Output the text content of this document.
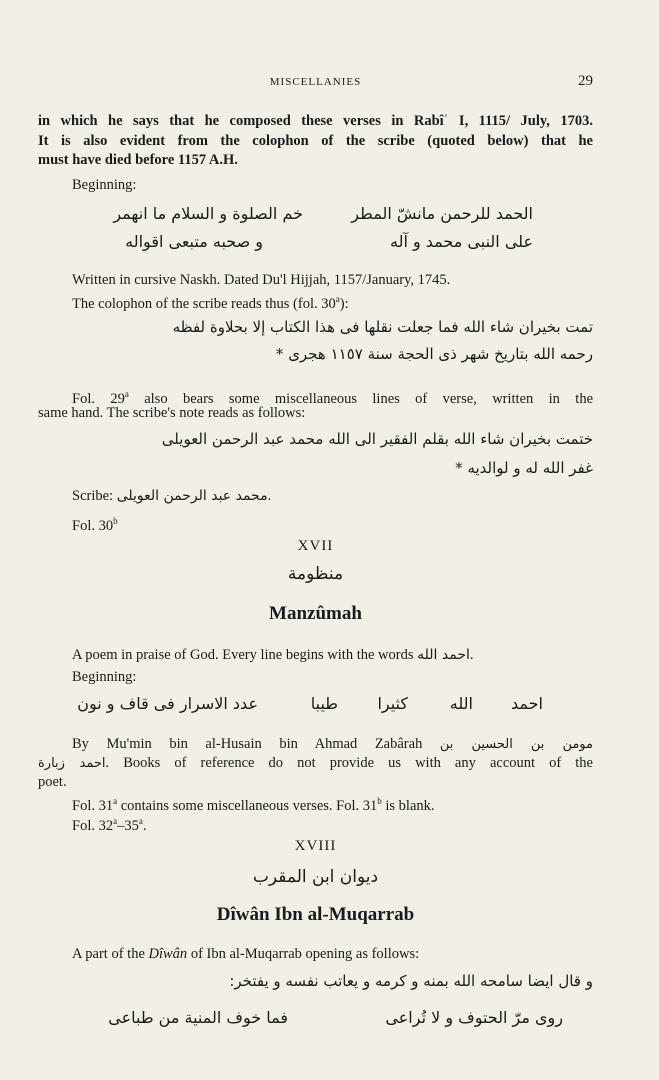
MISCELLANIES	29
in which he says that he composed these verses in Rabîʿ I, 1115/ July, 1703.
It is also evident from the colophon of the scribe (quoted below) that he
must have died before 1157 A.H.
Beginning:
الحمد للرحمن مانشّ المطر
خم الصلوة و السلام ما انهمر
على النبى محمد و آله
و صحبه متبعى اقواله
Written in cursive Naskh. Dated Du'l Hijjah, 1157/January, 1745.
The colophon of the scribe reads thus (fol. 30$^a$):
تمت بخيران شاء الله فما جعلت نقلها فى هذا الكتاب إلا بحلاوة لفظه
رحمه الله بتاريخ شهر ذى الحجة سنة ١١٥٧ هجرى *
Fol. 29$^a$ also bears some miscellaneous lines of verse, written in the
same hand. The scribe's note reads as follows:
ختمت بخيران شاء الله بقلم الفقير الى الله محمد عبد الرحمن العويلى
غفر الله له و لوالديه *
Scribe: محمد عبد الرحمن العويلى.
Fol. 30$^b$
XVII
منظومة
Manzûmah
A poem in praise of God. Every line begins with the words احمد الله.
Beginning:
احمد
الله
كثيرا
طيبا
عدد الاسرار فى قاف و نون
By Mu'min bin al-Husain bin Ahmad Zabârah مومن بن الحسين بن
احمد زبارة. Books of reference do not provide us with any account of the
poet.
Fol. 31$^a$ contains some miscellaneous verses. Fol. 31$^b$ is blank.
Fol. 32$^a$–35$^a$.
XVIII
ديوان ابن المقرب
Dîwân Ibn al-Muqarrab
A part of the Dîwân of Ibn al-Muqarrab opening as follows:
و قال ايضا سامحه الله بمنه و كرمه و يعاتب نفسه و يفتخر:
روى مرّ الحتوف و لا تُراعى
فما خوف المنية من طباعى
